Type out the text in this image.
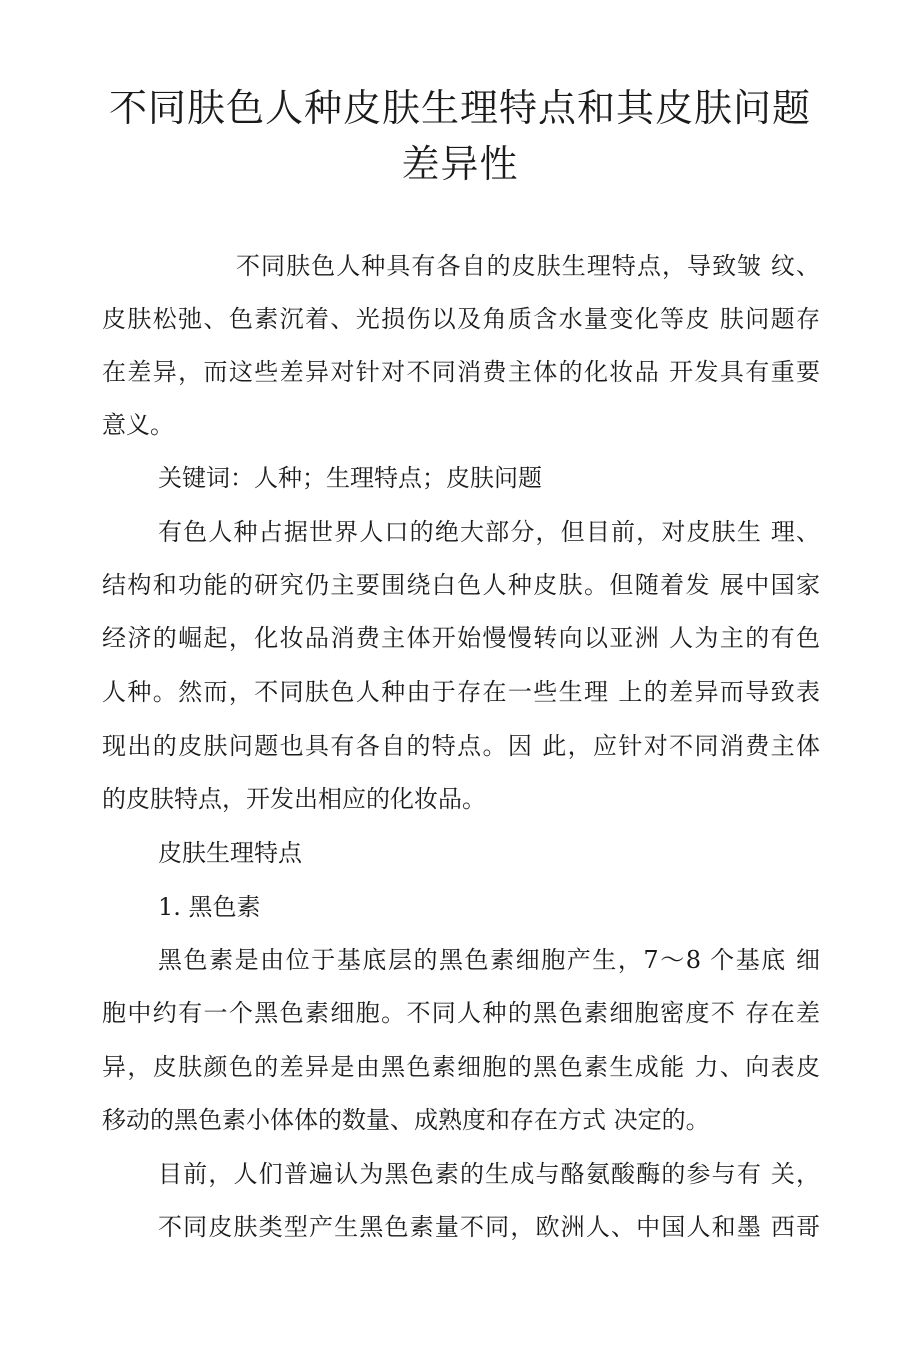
不同肤色人种皮肤生理特点和其皮肤问题
差异性

不同肤色人种具有各自的皮肤生理特点，导致皱 纹、

皮肤松弛、色素沉着、光损伤以及角质含水量变化等皮 肤问题存

在差异，而这些差异对针对不同消费主体的化妆品 开发具有重要

意义。

关键词：人种；生理特点；皮肤问题

有色人种占据世界人口的绝大部分，但目前，对皮肤生 理、

结构和功能的研究仍主要围绕白色人种皮肤。但随着发 展中国家

经济的崛起，化妆品消费主体开始慢慢转向以亚洲 人为主的有色

人种。然而，不同肤色人种由于存在一些生理 上的差异而导致表

现出的皮肤问题也具有各自的特点。因 此，应针对不同消费主体

的皮肤特点，开发出相应的化妆品。

皮肤生理特点

1. 黑色素

黑色素是由位于基底层的黑色素细胞产生，7～8 个基底 细

胞中约有一个黑色素细胞。不同人种的黑色素细胞密度不 存在差

异，皮肤颜色的差异是由黑色素细胞的黑色素生成能 力、向表皮

移动的黑色素小体体的数量、成熟度和存在方式 决定的。

目前，人们普遍认为黑色素的生成与酪氨酸酶的参与有 关，

不同皮肤类型产生黑色素量不同，欧洲人、中国人和墨 西哥
